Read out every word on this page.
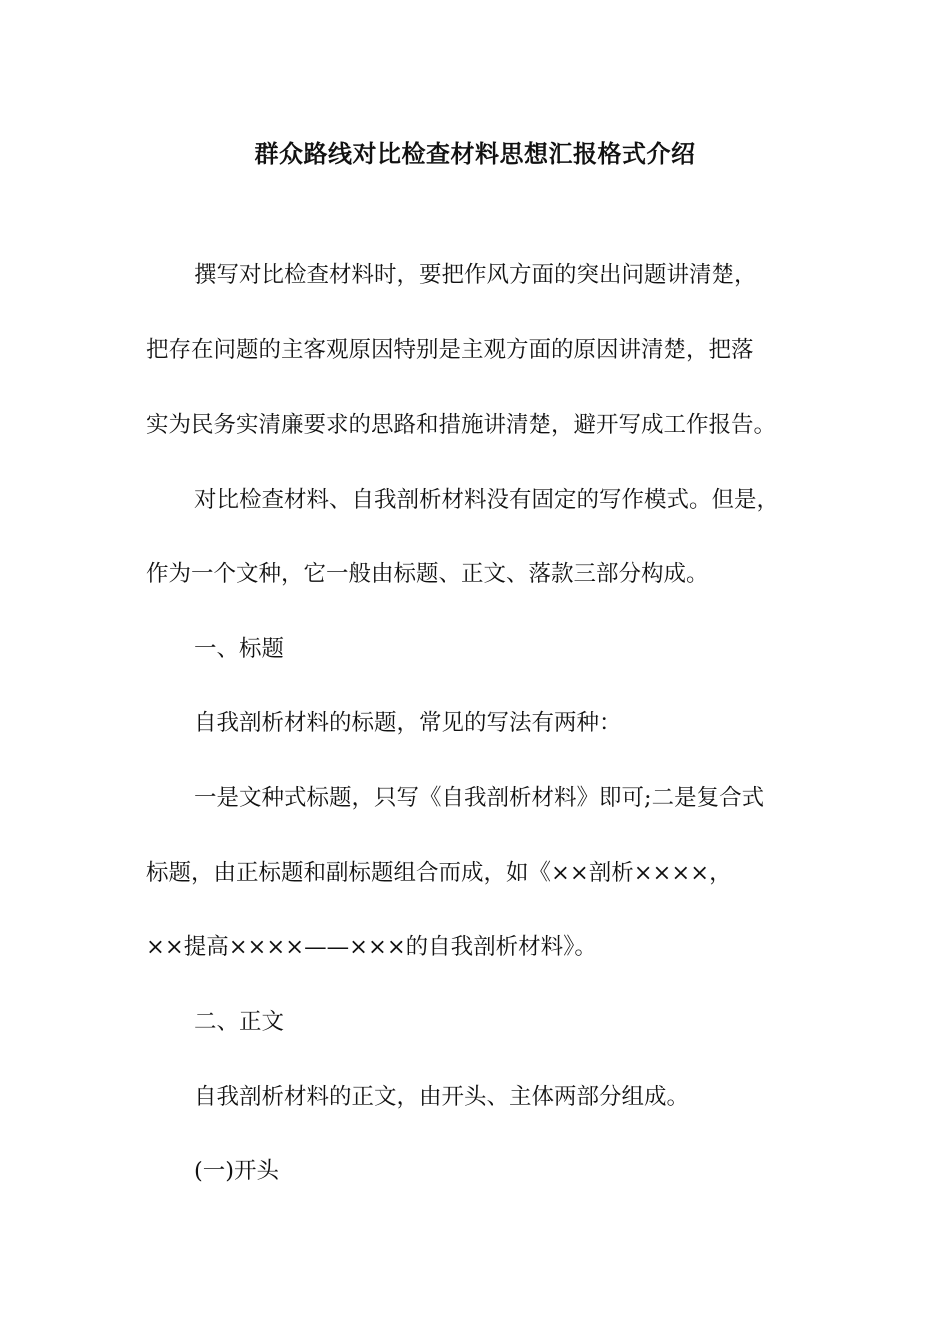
群众路线对比检查材料思想汇报格式介绍
撰写对比检查材料时，要把作风方面的突出问题讲清楚，
把存在问题的主客观原因特别是主观方面的原因讲清楚，把落
实为民务实清廉要求的思路和措施讲清楚，避开写成工作报告。
对比检查材料、自我剖析材料没有固定的写作模式。但是，
作为一个文种，它一般由标题、正文、落款三部分构成。
一、标题
自我剖析材料的标题，常见的写法有两种：
一是文种式标题，只写《自我剖析材料》即可;二是复合式
标题，由正标题和副标题组合而成，如《××剖析××××，
××提高××××——×××的自我剖析材料》。
二、正文
自我剖析材料的正文，由开头、主体两部分组成。
(一)开头
